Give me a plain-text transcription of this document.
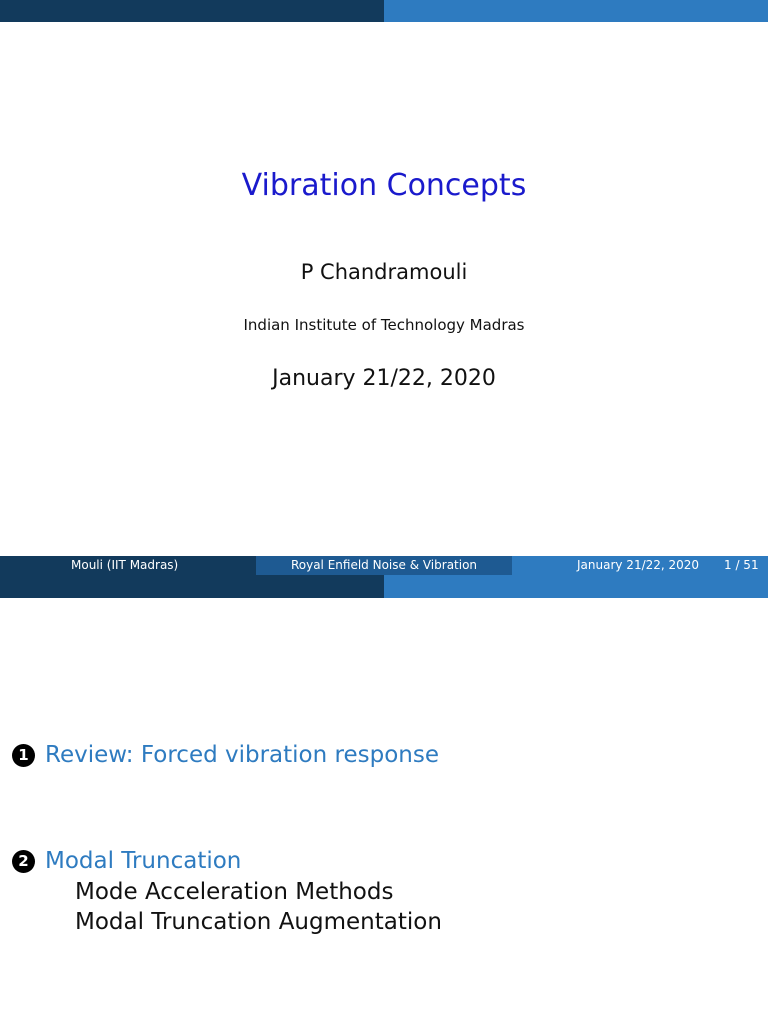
Vibration Concepts
P Chandramouli
Indian Institute of Technology Madras
January 21/22, 2020
Mouli (IIT Madras)	Royal Enfield Noise & Vibration	January 21/22, 2020 1 / 51
1 Review: Forced vibration response
2 Modal Truncation
Mode Acceleration Methods
Modal Truncation Augmentation
